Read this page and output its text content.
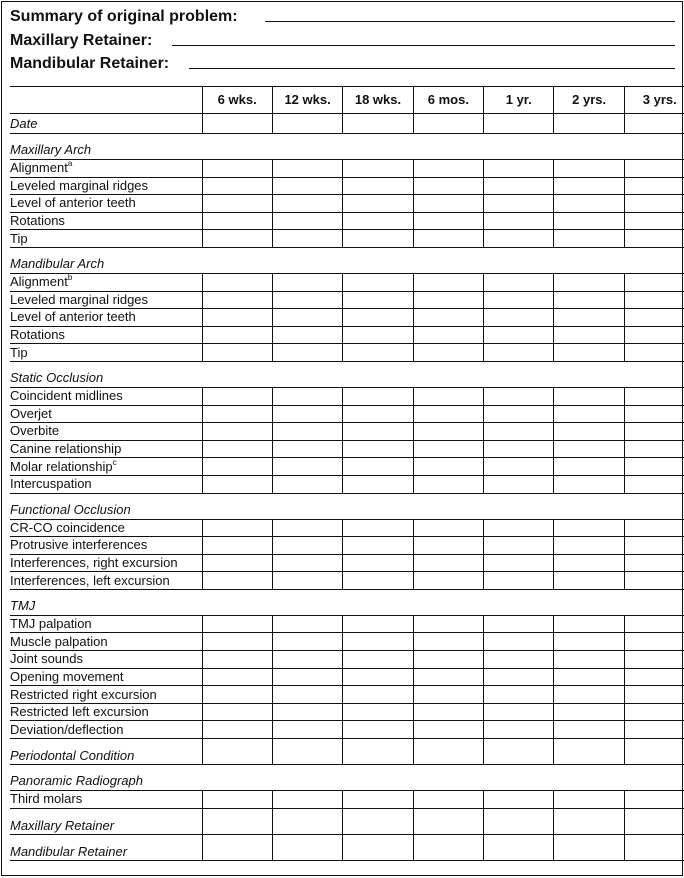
Summary of original problem:
Maxillary Retainer:
Mandibular Retainer:
	6 wks.	12 wks.	18 wks.	6 mos.	1 yr.	2 yrs.	3 yrs.
Date							
Maxillary Arch							
Alignment$^a$							
Leveled marginal ridges							
Level of anterior teeth							
Rotations							
Tip							
Mandibular Arch							
Alignment$^b$							
Leveled marginal ridges							
Level of anterior teeth							
Rotations							
Tip							
Static Occlusion							
Coincident midlines							
Overjet							
Overbite							
Canine relationship							
Molar relationship$^c$							
Intercuspation							
Functional Occlusion							
CR-CO coincidence							
Protrusive interferences							
Interferences, right excursion							
Interferences, left excursion							
TMJ							
TMJ palpation							
Muscle palpation							
Joint sounds							
Opening movement							
Restricted right excursion							
Restricted left excursion							
Deviation/deflection							
Periodontal Condition							
Panoramic Radiograph							
Third molars							
Maxillary Retainer							
Mandibular Retainer							
